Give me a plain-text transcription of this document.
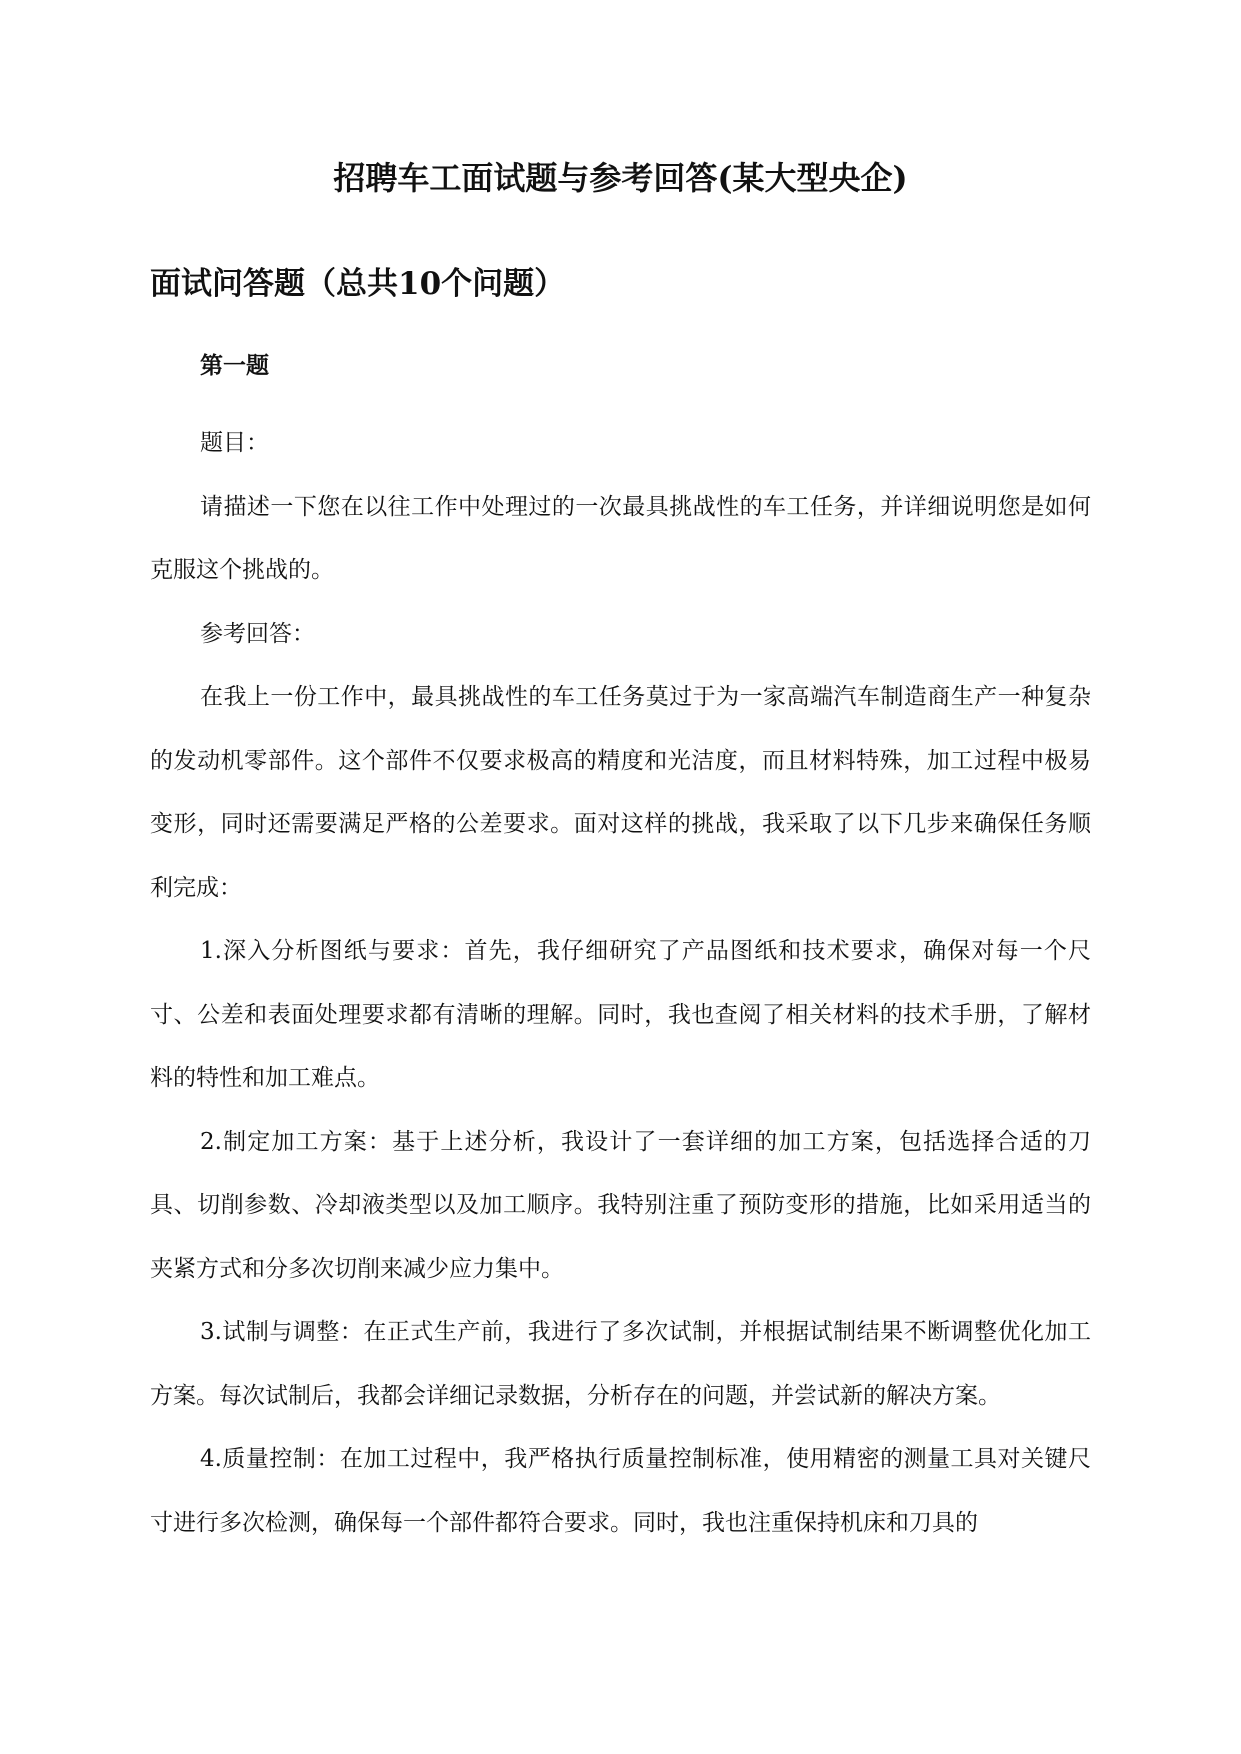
招聘车工面试题与参考回答(某大型央企)
面试问答题（总共10个问题）
第一题

题目：

请描述一下您在以往工作中处理过的一次最具挑战性的车工任务，并详细说明您是如何克服这个挑战的。

参考回答：

在我上一份工作中，最具挑战性的车工任务莫过于为一家高端汽车制造商生产一种复杂的发动机零部件。这个部件不仅要求极高的精度和光洁度，而且材料特殊，加工过程中极易变形，同时还需要满足严格的公差要求。面对这样的挑战，我采取了以下几步来确保任务顺利完成：

1.深入分析图纸与要求：首先，我仔细研究了产品图纸和技术要求，确保对每一个尺寸、公差和表面处理要求都有清晰的理解。同时，我也查阅了相关材料的技术手册，了解材料的特性和加工难点。

2.制定加工方案：基于上述分析，我设计了一套详细的加工方案，包括选择合适的刀具、切削参数、冷却液类型以及加工顺序。我特别注重了预防变形的措施，比如采用适当的夹紧方式和分多次切削来减少应力集中。

3.试制与调整：在正式生产前，我进行了多次试制，并根据试制结果不断调整优化加工方案。每次试制后，我都会详细记录数据，分析存在的问题，并尝试新的解决方案。

4.质量控制：在加工过程中，我严格执行质量控制标准，使用精密的测量工具对关键尺寸进行多次检测，确保每一个部件都符合要求。同时，我也注重保持机床和刀具的
